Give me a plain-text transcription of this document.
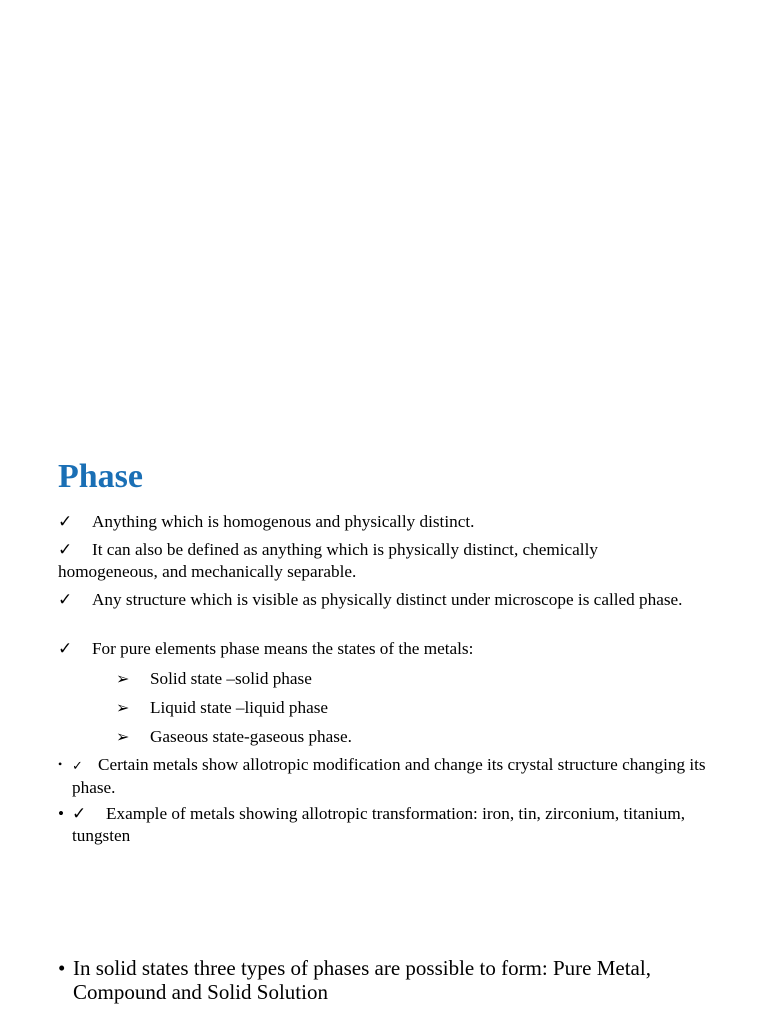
Phase
✓ Anything which is homogenous and physically distinct.
✓ It can also be defined as anything which is physically distinct, chemically homogeneous, and mechanically separable.
✓ Any structure which is visible as physically distinct under microscope is called phase.
✓ For pure elements phase means the states of the metals:
➢ Solid state –solid phase
➢ Liquid state –liquid phase
➢ Gaseous state-gaseous phase.
• ✓ Certain metals show allotropic modification and change its crystal structure changing its phase.
• ✓ Example of metals showing allotropic transformation: iron, tin, zirconium, titanium, tungsten
• In solid states three types of phases are possible to form: Pure Metal, Compound and Solid Solution
